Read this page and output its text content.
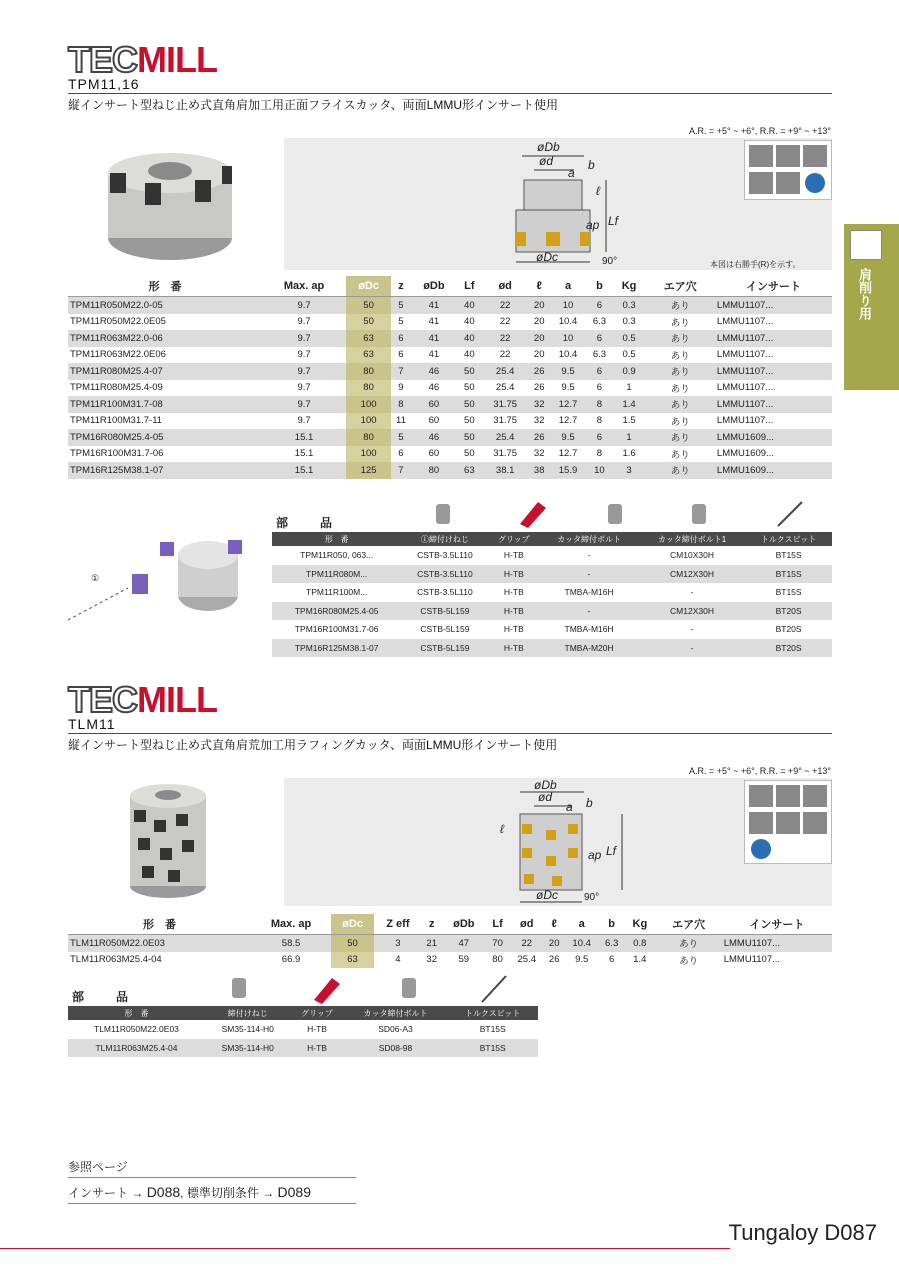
TECMILL
TPM11,16
縦インサート型ねじ止め式直角肩加工用正面フライスカッタ、両面LMMU形インサート使用
A.R. = +5° ~ +6°, R.R. = +9° ~ +13°
øDb
ød
a
b
ℓ
ap Lf
øDc	90°	本図は右勝手(R)を示す。
形　番	Max. ap	øDc	z	øDb	Lf	ød	ℓ	a	b	Kg	エア穴	インサート
TPM11R050M22.0-05	9.7	50	5	41	40	22	20	10	6	0.3	あり	LMMU1107...
TPM11R050M22.0E05	9.7	50	5	41	40	22	20	10.4	6.3	0.3	あり	LMMU1107...
TPM11R063M22.0-06	9.7	63	6	41	40	22	20	10	6	0.5	あり	LMMU1107...
TPM11R063M22.0E06	9.7	63	6	41	40	22	20	10.4	6.3	0.5	あり	LMMU1107...
TPM11R080M25.4-07	9.7	80	7	46	50	25.4	26	9.5	6	0.9	あり	LMMU1107...
TPM11R080M25.4-09	9.7	80	9	46	50	25.4	26	9.5	6	1	あり	LMMU1107...
TPM11R100M31.7-08	9.7	100	8	60	50	31.75	32	12.7	8	1.4	あり	LMMU1107...
TPM11R100M31.7-11	9.7	100	11	60	50	31.75	32	12.7	8	1.5	あり	LMMU1107...
TPM16R080M25.4-05	15.1	80	5	46	50	25.4	26	9.5	6	1	あり	LMMU1609...
TPM16R100M31.7-06	15.1	100	6	60	50	31.75	32	12.7	8	1.6	あり	LMMU1609...
TPM16R125M38.1-07	15.1	125	7	80	63	38.1	38	15.9	10	3	あり	LMMU1609...
①
部　品
形　番	①締付けねじ	グリップ	カッタ締付ボルト	カッタ締付ボルト1	トルクスビット
TPM11R050, 063...	CSTB-3.5L110	H-TB	-	CM10X30H	BT15S
TPM11R080M...	CSTB-3.5L110	H-TB	-	CM12X30H	BT15S
TPM11R100M...	CSTB-3.5L110	H-TB	TMBA-M16H	-	BT15S
TPM16R080M25.4-05	CSTB-5L159	H-TB	-	CM12X30H	BT20S
TPM16R100M31.7-06	CSTB-5L159	H-TB	TMBA-M16H	-	BT20S
TPM16R125M38.1-07	CSTB-5L159	H-TB	TMBA-M20H	-	BT20S
TECMILL
TLM11
縦インサート型ねじ止め式直角肩荒加工用ラフィングカッタ、両面LMMU形インサート使用
A.R. = +5° ~ +6°, R.R. = +9° ~ +13°
øDb
ød
a b
ℓ
ap Lf
øDc	90°
形　番	Max. ap	øDc	Z eff	z	øDb	Lf	ød	ℓ	a	b	Kg	エア穴	インサート
TLM11R050M22.0E03	58.5	50	3	21	47	70	22	20	10.4	6.3	0.8	あり	LMMU1107...
TLM11R063M25.4-04	66.9	63	4	32	59	80	25.4	26	9.5	6	1.4	あり	LMMU1107...
部　品
形　番	締付けねじ	グリップ	カッタ締付ボルト	トルクスビット
TLM11R050M22.0E03	SM35-114-H0	H-TB	SD06-A3	BT15S
TLM11R063M25.4-04	SM35-114-H0	H-TB	SD08-98	BT15S
肩削り用
参照ページ
インサート → D088, 標準切削条件 → D089
Tungaloy D087
